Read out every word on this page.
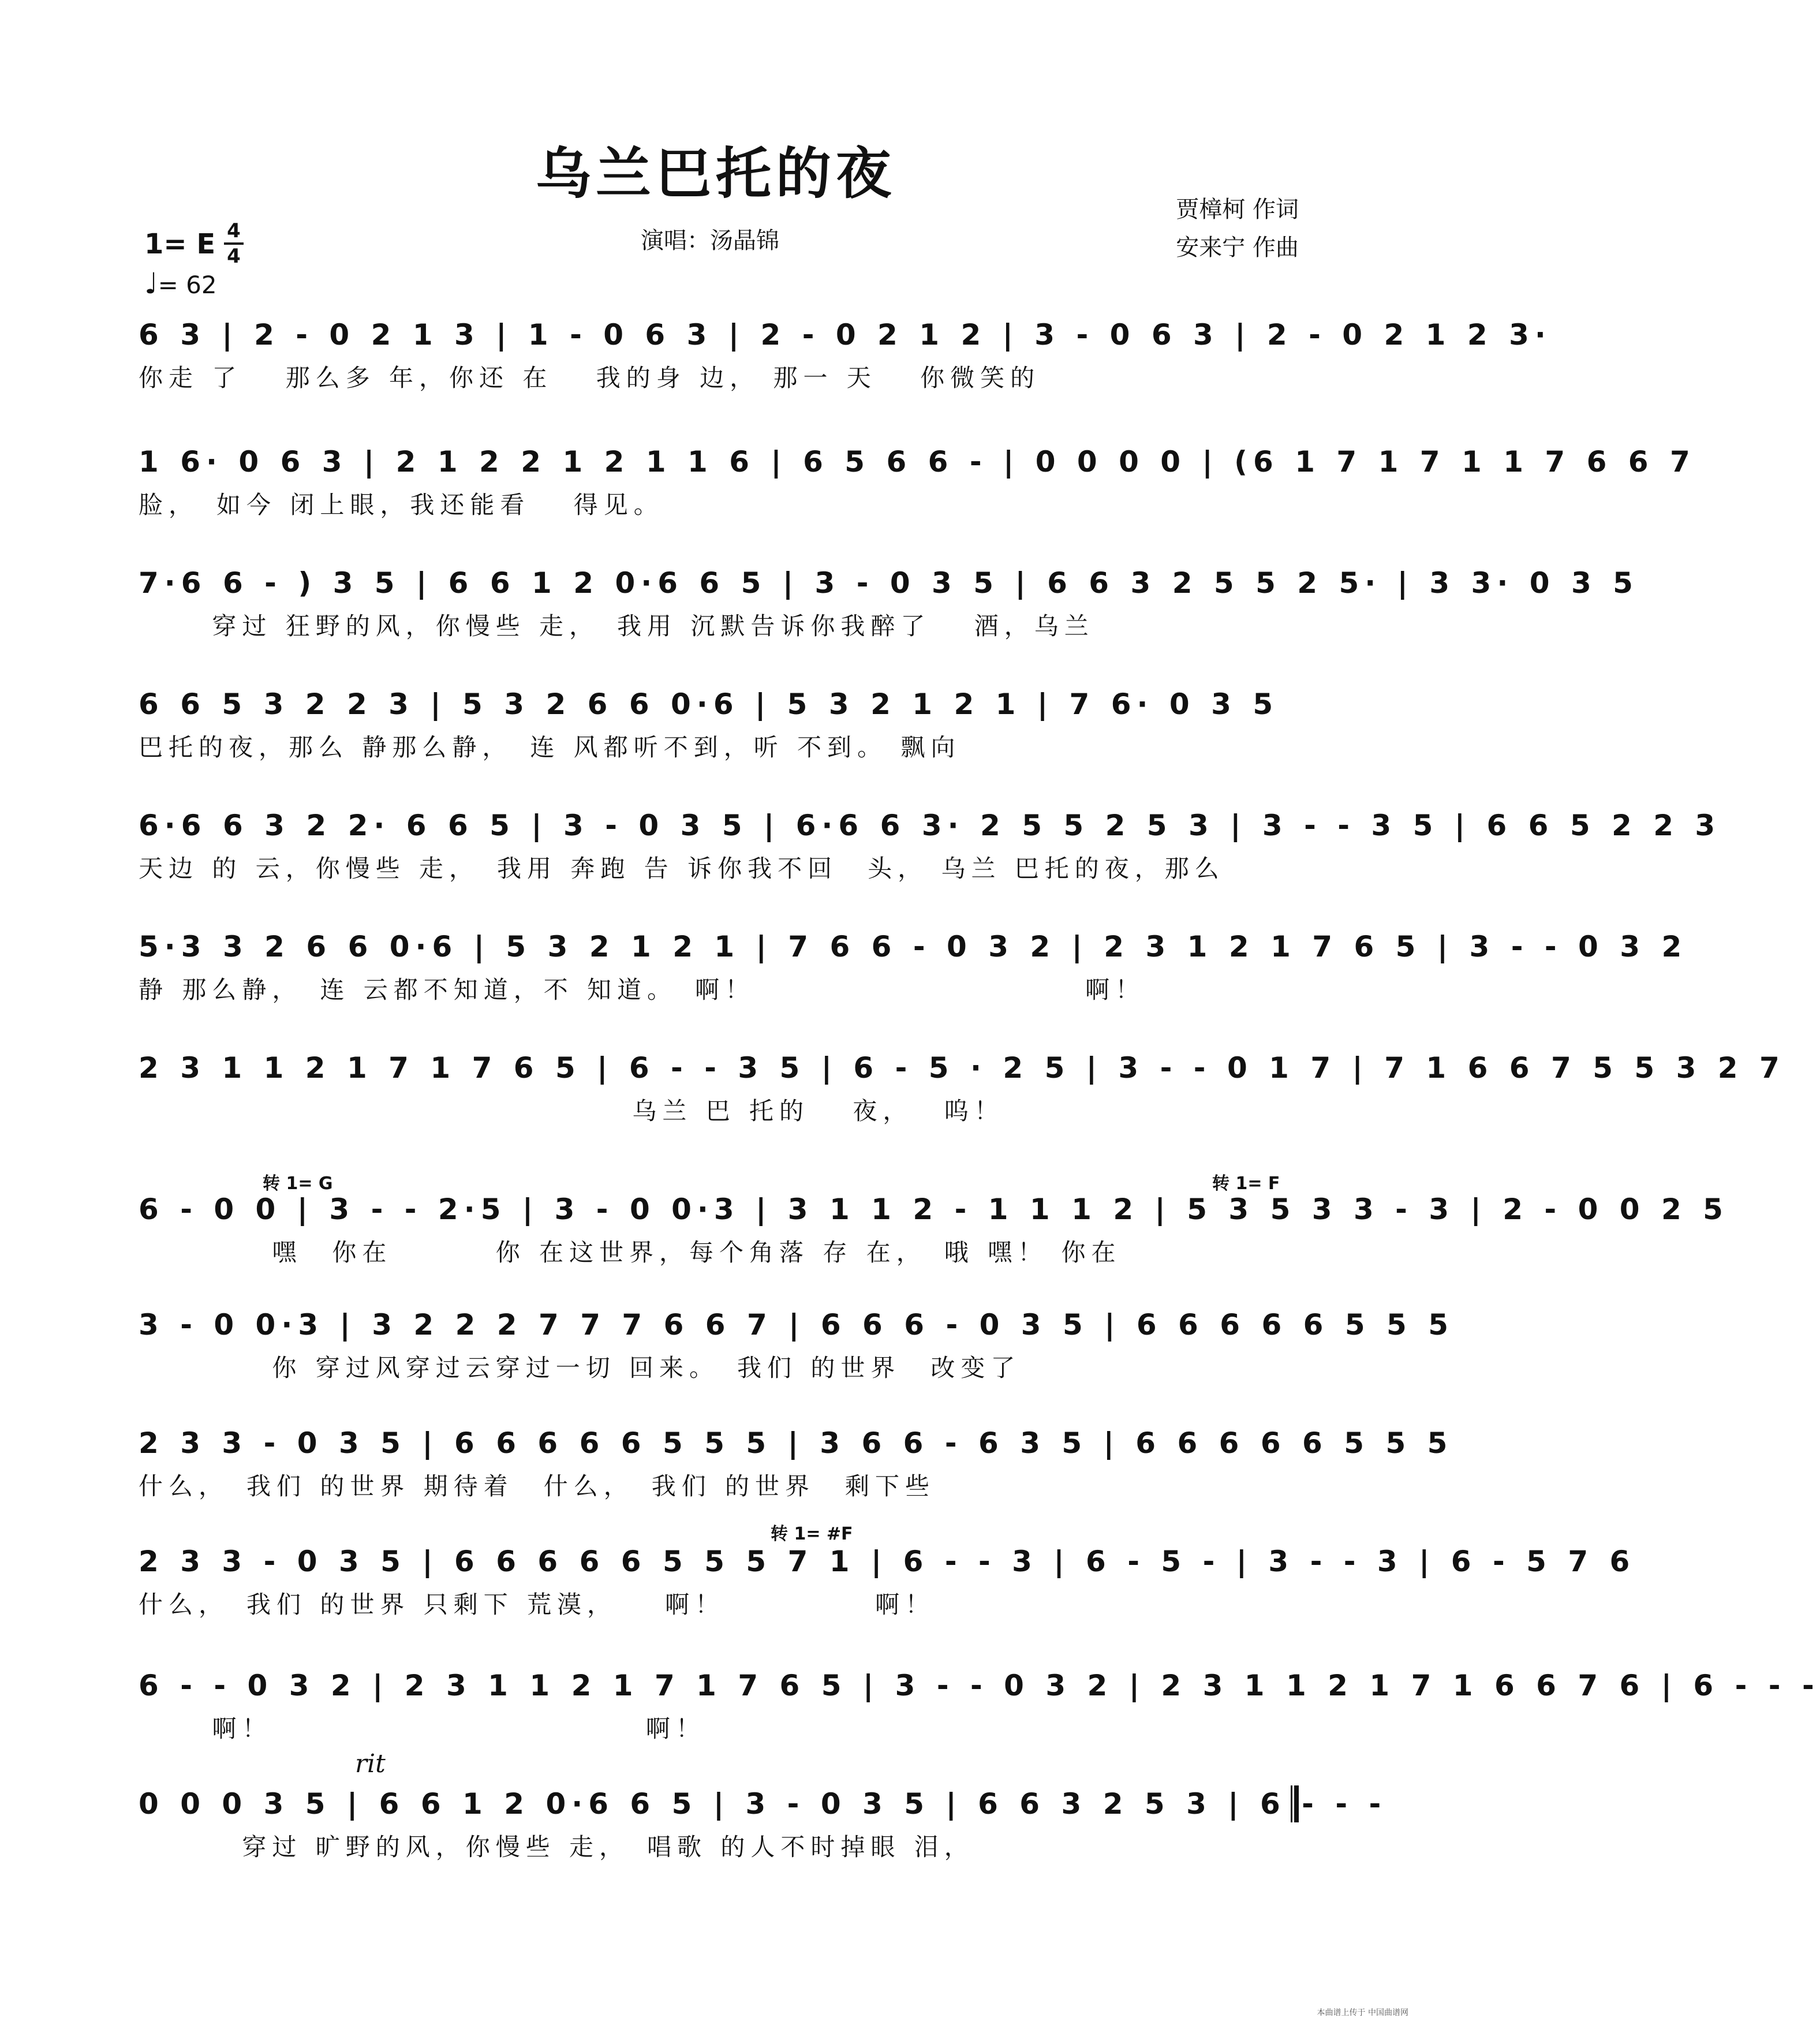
乌兰巴托的夜
贾樟柯 作词
安来宁 作曲
演唱：汤晶锦
1= E 4
4
♩= 62
6 3 | 2 - 0 2 1 3 | 1 - 0 6 3 | 2 - 0 2 1 2 | 3 - 0 6 3 | 2 - 0 2 1 2 3·
你走 了　 那么多 年，你还 在　 我的身 边， 那一 天　 你微笑的
1 6· 0 6 3 | 2 1 2 2 1 2 1 1 6 | 6 5 6 6 - | 0 0 0 0 | (6 1 7 1 7 1 1 7 6 6 7
脸，　如今 闭上眼，我还能看　 得见。
7·6 6 - ) 3 5 | 6 6 1 2 0·6 6 5 | 3 - 0 3 5 | 6 6 3 2 5 5 2 5· | 3 3· 0 3 5
　　 穿过 狂野的风，你慢些 走，　我用 沉默告诉你我醉了　 酒，乌兰
6 6 5 3 2 2 3 | 5 3 2 6 6 0·6 | 5 3 2 1 2 1 | 7 6· 0 3 5
巴托的夜，那么 静那么静，　连 风都听不到，听 不到。 飘向
6·6 6 3 2 2· 6 6 5 | 3 - 0 3 5 | 6·6 6 3· 2 5 5 2 5 3 | 3 - - 3 5 | 6 6 5 2 2 3
天边 的 云，你慢些 走，　我用 奔跑 告 诉你我不回　头， 乌兰 巴托的夜，那么
5·3 3 2 6 6 0·6 | 5 3 2 1 2 1 | 7 6 6 - 0 3 2 | 2 3 1 2 1 7 6 5 | 3 - - 0 3 2
静 那么静，　连 云都不知道，不 知道。　啊！　　　　　　　　　　　啊！
2 3 1 1 2 1 7 1 7 6 5 | 6 - - 3 5 | 6 - 5 · 2 5 | 3 - - 0 1 7 | 7 1 6 6 7 5 5 3 2 7
　　　　　　　　　　　　　　　　 乌兰 巴 托的　 夜，　 呜！
6 - 0 0 | 3 - - 2·5 | 3 - 0 0·3 | 3 1 1 2 - 1 1 1 2 | 5 3 5 3 3 - 3 | 2 - 0 0 2 5
　　　　 嘿　你在　　　 你 在这世界，每个角落 存 在，　哦 嘿！ 你在
3 - 0 0·3 | 3 2 2 2 7 7 7 6 6 7 | 6 6 6 - 0 3 5 | 6 6 6 6 6 5 5 5
　　　　 你 穿过风穿过云穿过一切 回来。　我们 的世界　改变了
2 3 3 - 0 3 5 | 6 6 6 6 6 5 5 5 | 3 6 6 - 6 3 5 | 6 6 6 6 6 5 5 5
什么，　我们 的世界 期待着　什么，　我们 的世界　剩下些
2 3 3 - 0 3 5 | 6 6 6 6 6 5 5 5 7 1 | 6 - - 3 | 6 - 5 - | 3 - - 3 | 6 - 5 7 6
什么，　我们 的世界 只剩下 荒漠，　　啊！　　　　　啊！
6 - - 0 3 2 | 2 3 1 1 2 1 7 1 7 6 5 | 3 - - 0 3 2 | 2 3 1 1 2 1 7 1 6 6 7 6 | 6 - - -
　　 啊！　　　　　　　　　　　　 啊！
0 0 0 3 5 | 6 6 1 2 0·6 6 5 | 3 - 0 3 5 | 6 6 3 2 5 3 | 6 - - -
　　　 穿过 旷野的风，你慢些 走，　唱歌 的人不时掉眼 泪，
转 1= G	转 1= F
转 1= #F
rit
本曲谱上传于 中国曲谱网
